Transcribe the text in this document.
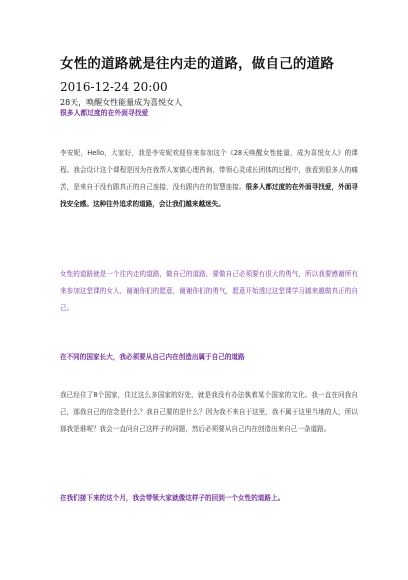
女性的道路就是往内走的道路，做自己的道路
2016-12-24 20:00
28天，唤醒女性能量成为喜悦女人
很多人都过度的在外面寻找爱
李安妮，Hello，大家好，我是李安妮欢迎你来参加这个《28天唤醒女性能量，成为喜悦女人》的课程。我会设计这个课程是因为在我帮人家做心理咨询，带领心灵成长团体的过程中，我看到很多人的痛苦，是来自于没有跟真正的自己连接，没有跟内在的智慧连接。很多人都过度的在外面寻找爱，外面寻找安全感。这种往外追求的道路，会让我们越来越迷失。
女性的道路就是一个往内走的道路，做自己的道路，要做自己必须要有很大的勇气，所以我要感谢所有来参加这堂课的女人，谢谢你们的愿意，谢谢你们的勇气，愿意开始透过这堂课学习越来越做真正的自己。
在不同的国家长大，我必须要从自己内在创造出属于自己的道路
我已经住了8个国家，住过这么多国家的好处，就是我没有办法執着某个国家的文化。我一直在问我自己，那我自己的信念是什么？我自己要的是什么？因为我不来自于这里，我不属于这里当地的人，所以那我是谁呢？我会一直问自己这样子的问题，然后必须要从自己内在创造出来自己一条道路。
在我们接下来的这个月，我会带领大家就像这样子的回到一个女性的道路上。
